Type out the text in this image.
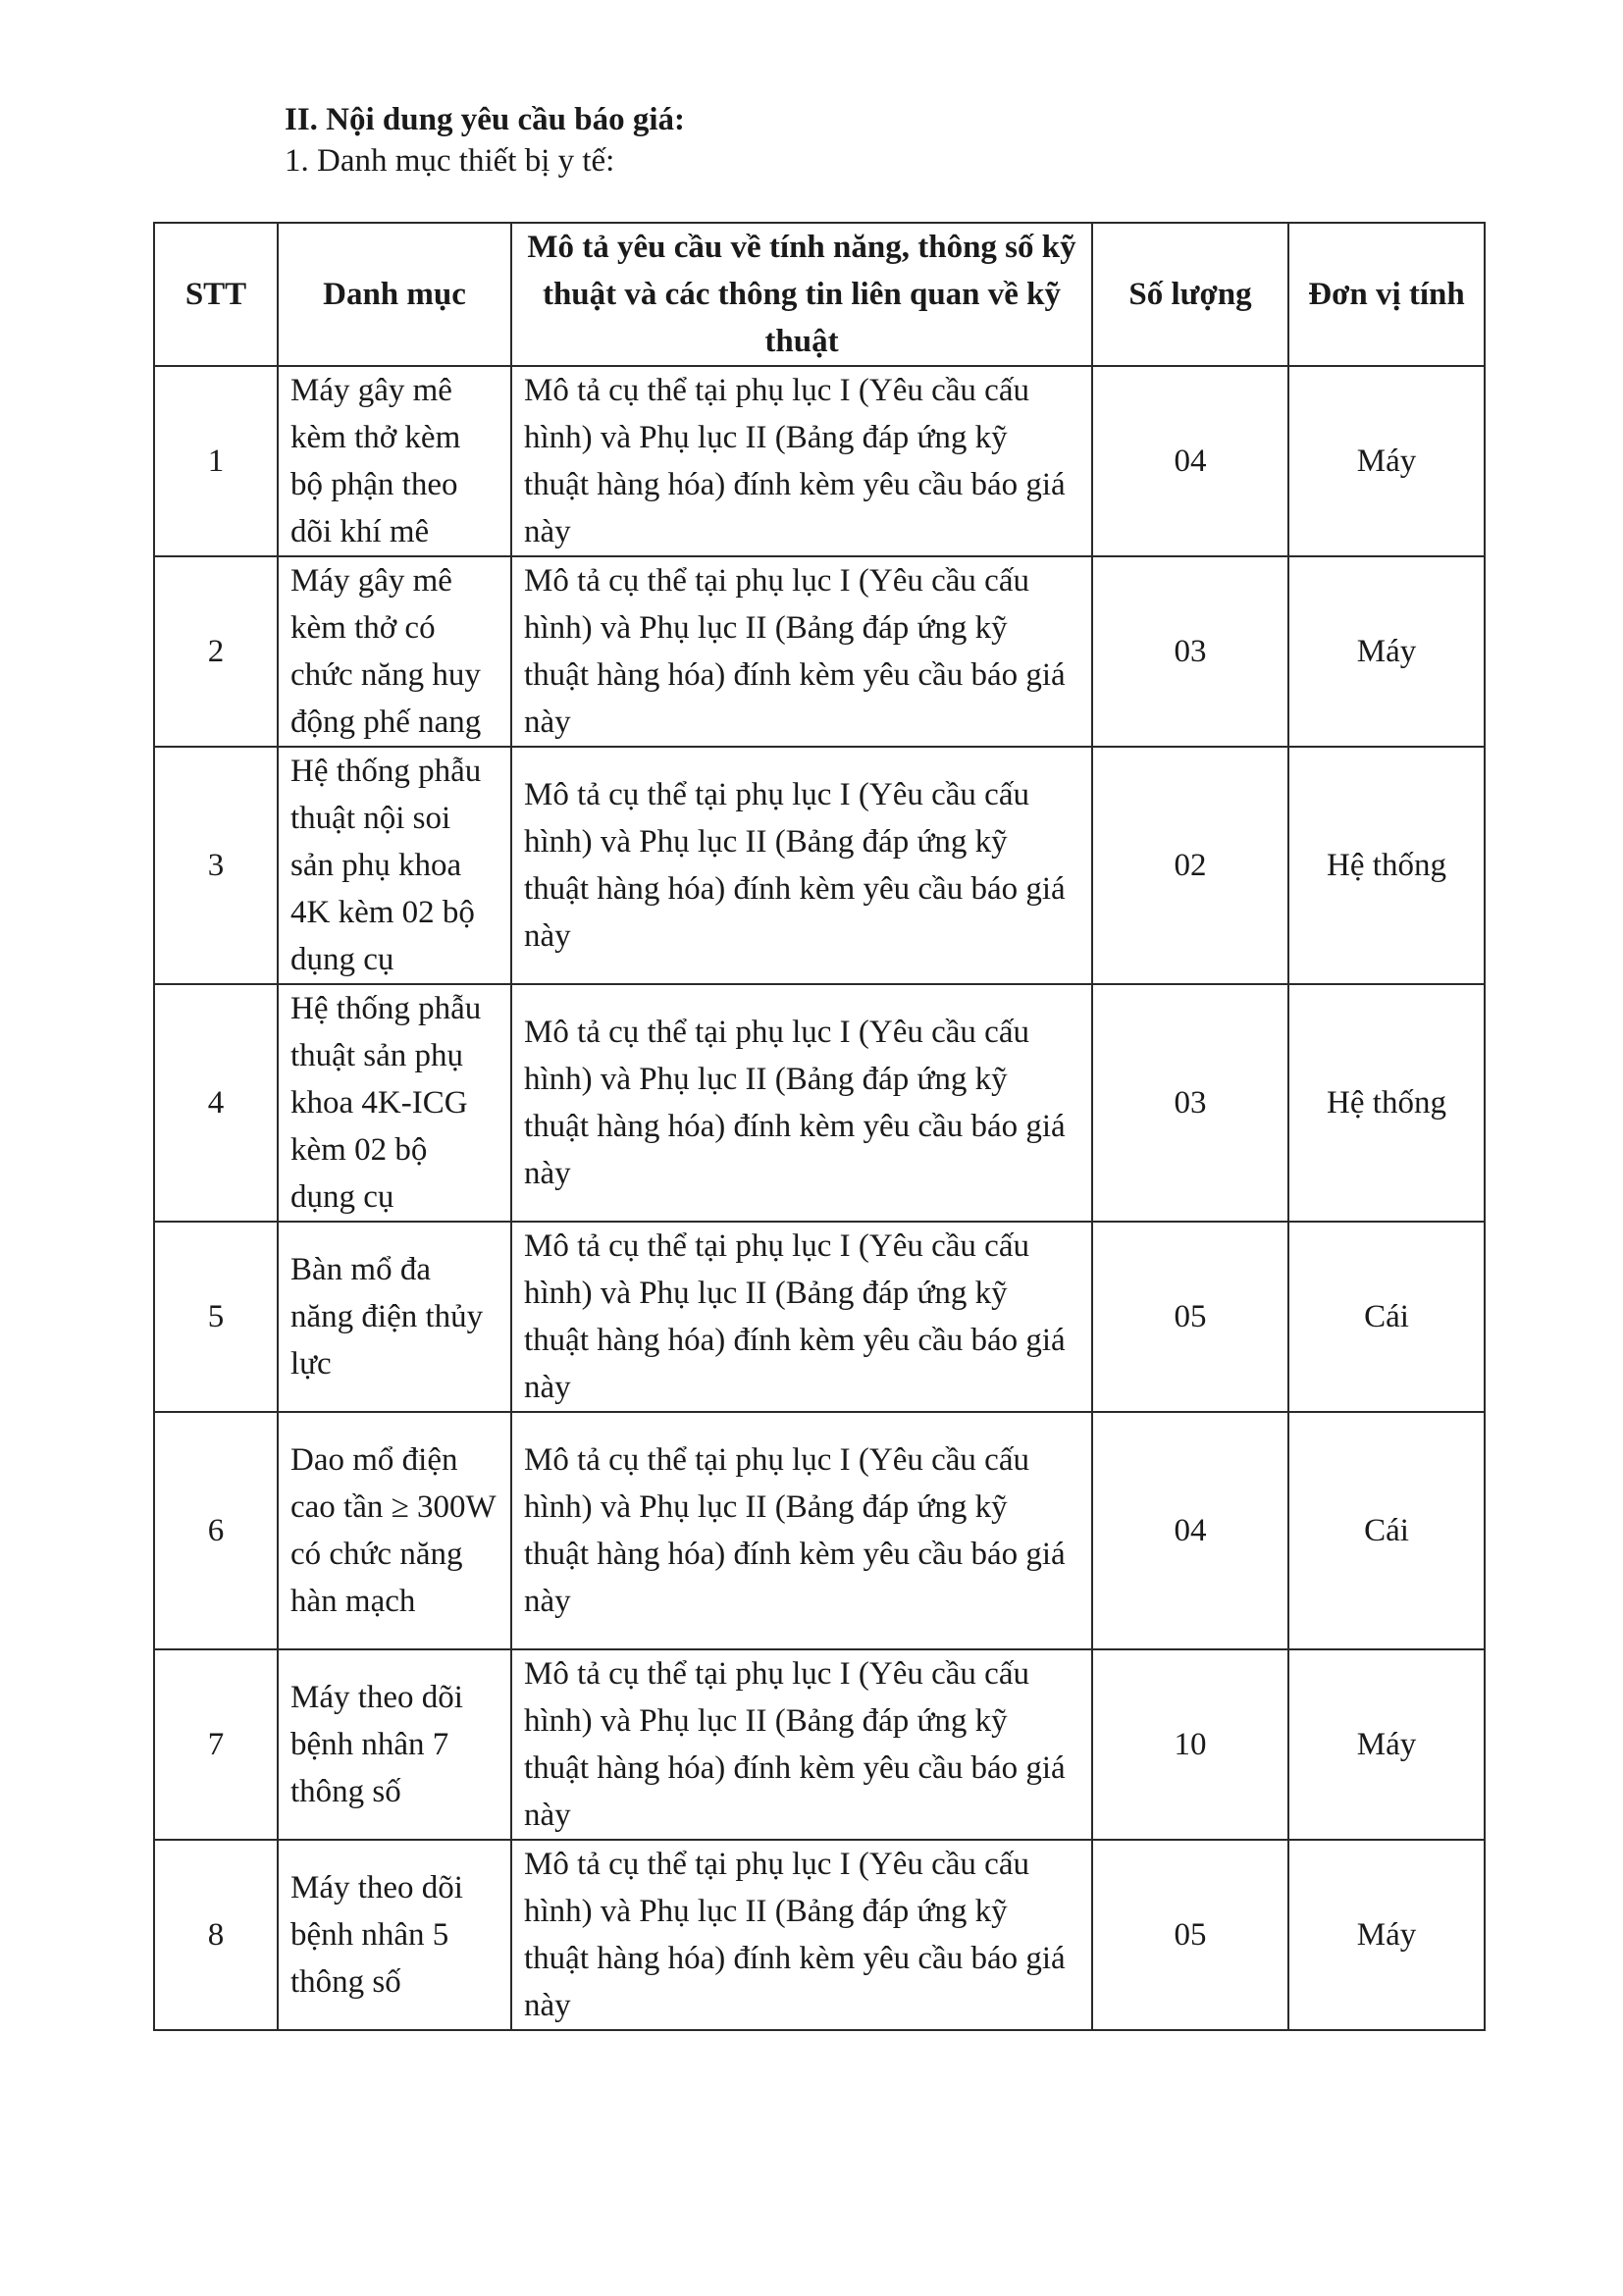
II. Nội dung yêu cầu báo giá:
1. Danh mục thiết bị y tế:
STT	Danh mục	Mô tả yêu cầu về tính năng, thông số kỹ thuật và các thông tin liên quan về kỹ thuật	Số lượng	Đơn vị tính
1	Máy gây mê kèm thở kèm bộ phận theo dõi khí mê	Mô tả cụ thể tại phụ lục I (Yêu cầu cấu hình) và Phụ lục II (Bảng đáp ứng kỹ thuật hàng hóa) đính kèm yêu cầu báo giá này	04	Máy
2	Máy gây mê kèm thở có chức năng huy động phế nang	Mô tả cụ thể tại phụ lục I (Yêu cầu cấu hình) và Phụ lục II (Bảng đáp ứng kỹ thuật hàng hóa) đính kèm yêu cầu báo giá này	03	Máy
3	Hệ thống phẫu thuật nội soi sản phụ khoa 4K kèm 02 bộ dụng cụ	Mô tả cụ thể tại phụ lục I (Yêu cầu cấu hình) và Phụ lục II (Bảng đáp ứng kỹ thuật hàng hóa) đính kèm yêu cầu báo giá này	02	Hệ thống
4	Hệ thống phẫu thuật sản phụ khoa 4K-ICG kèm 02 bộ dụng cụ	Mô tả cụ thể tại phụ lục I (Yêu cầu cấu hình) và Phụ lục II (Bảng đáp ứng kỹ thuật hàng hóa) đính kèm yêu cầu báo giá này	03	Hệ thống
5	Bàn mổ đa năng điện thủy lực	Mô tả cụ thể tại phụ lục I (Yêu cầu cấu hình) và Phụ lục II (Bảng đáp ứng kỹ thuật hàng hóa) đính kèm yêu cầu báo giá này	05	Cái
6	Dao mổ điện cao tần ≥ 300W có chức năng hàn mạch	Mô tả cụ thể tại phụ lục I (Yêu cầu cấu hình) và Phụ lục II (Bảng đáp ứng kỹ thuật hàng hóa) đính kèm yêu cầu báo giá này	04	Cái
7	Máy theo dõi bệnh nhân 7 thông số	Mô tả cụ thể tại phụ lục I (Yêu cầu cấu hình) và Phụ lục II (Bảng đáp ứng kỹ thuật hàng hóa) đính kèm yêu cầu báo giá này	10	Máy
8	Máy theo dõi bệnh nhân 5 thông số	Mô tả cụ thể tại phụ lục I (Yêu cầu cấu hình) và Phụ lục II (Bảng đáp ứng kỹ thuật hàng hóa) đính kèm yêu cầu báo giá này	05	Máy
